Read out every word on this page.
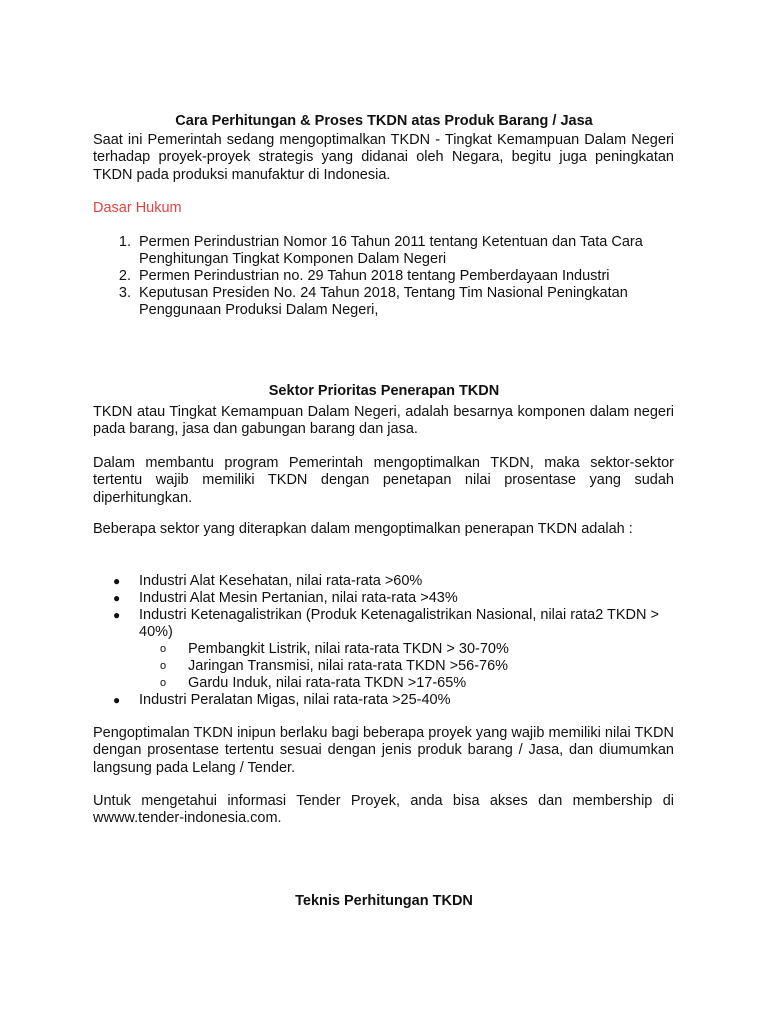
Cara Perhitungan & Proses TKDN atas Produk Barang / Jasa

Saat ini Pemerintah sedang mengoptimalkan TKDN - Tingkat Kemampuan Dalam Negeri terhadap proyek-proyek strategis yang didanai oleh Negara, begitu juga peningkatan TKDN pada produksi manufaktur di Indonesia.

Dasar Hukum

1. Permen Perindustrian Nomor 16 Tahun 2011 tentang Ketentuan dan Tata Cara Penghitungan Tingkat Komponen Dalam Negeri
2. Permen Perindustrian no. 29 Tahun 2018 tentang Pemberdayaan Industri
3. Keputusan Presiden No. 24 Tahun 2018, Tentang Tim Nasional Peningkatan Penggunaan Produksi Dalam Negeri,
Sektor Prioritas Penerapan TKDN

TKDN atau Tingkat Kemampuan Dalam Negeri, adalah besarnya komponen dalam negeri pada barang, jasa dan gabungan barang dan jasa.

Dalam membantu program Pemerintah mengoptimalkan TKDN, maka sektor-sektor tertentu wajib memiliki TKDN dengan penetapan nilai prosentase yang sudah diperhitungkan.

Beberapa sektor yang diterapkan dalam mengoptimalkan penerapan TKDN adalah :

● Industri Alat Kesehatan, nilai rata-rata >60%
● Industri Alat Mesin Pertanian, nilai rata-rata >43%
● Industri Ketenagalistrikan (Produk Ketenagalistrikan Nasional, nilai rata2 TKDN > 40%)
o Pembangkit Listrik, nilai rata-rata TKDN > 30-70%
o Jaringan Transmisi, nilai rata-rata TKDN >56-76%
o Gardu Induk, nilai rata-rata TKDN >17-65%
● Industri Peralatan Migas, nilai rata-rata >25-40%

Pengoptimalan TKDN inipun berlaku bagi beberapa proyek yang wajib memiliki nilai TKDN dengan prosentase tertentu sesuai dengan jenis produk barang / Jasa, dan diumumkan langsung pada Lelang / Tender.

Untuk mengetahui informasi Tender Proyek, anda bisa akses dan membership di wwww.tender-indonesia.com.

Teknis Perhitungan TKDN
